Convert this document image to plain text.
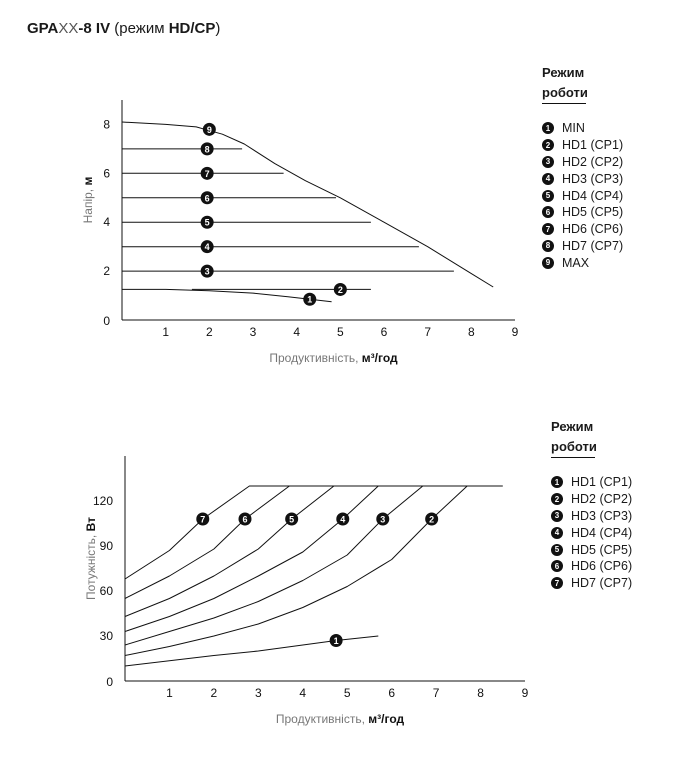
GPAXX-8 IV (режим HD/CP)
1	2	3	4	5	6	7	8	9
2
4
6
8
0
Продуктивність, м³/год
Напір, м
9
8
7
6
5
4
3
2
1
1	2	3	4	5	6	7	8	9
30
60
90
120
0
Продуктивність, м³/год
Потужність, Вт	7	6	5	4	3	2
1
Режим
роботи
1 MIN
2 HD1 (CP1)
3 HD2 (CP2)
4 HD3 (CP3)
5 HD4 (CP4)
6 HD5 (CP5)
7 HD6 (CP6)
8 HD7 (CP7)
9 MAX
Режим
роботи
1 HD1 (CP1)
2 HD2 (CP2)
3 HD3 (CP3)
4 HD4 (CP4)
5 HD5 (CP5)
6 HD6 (CP6)
7 HD7 (CP7)
